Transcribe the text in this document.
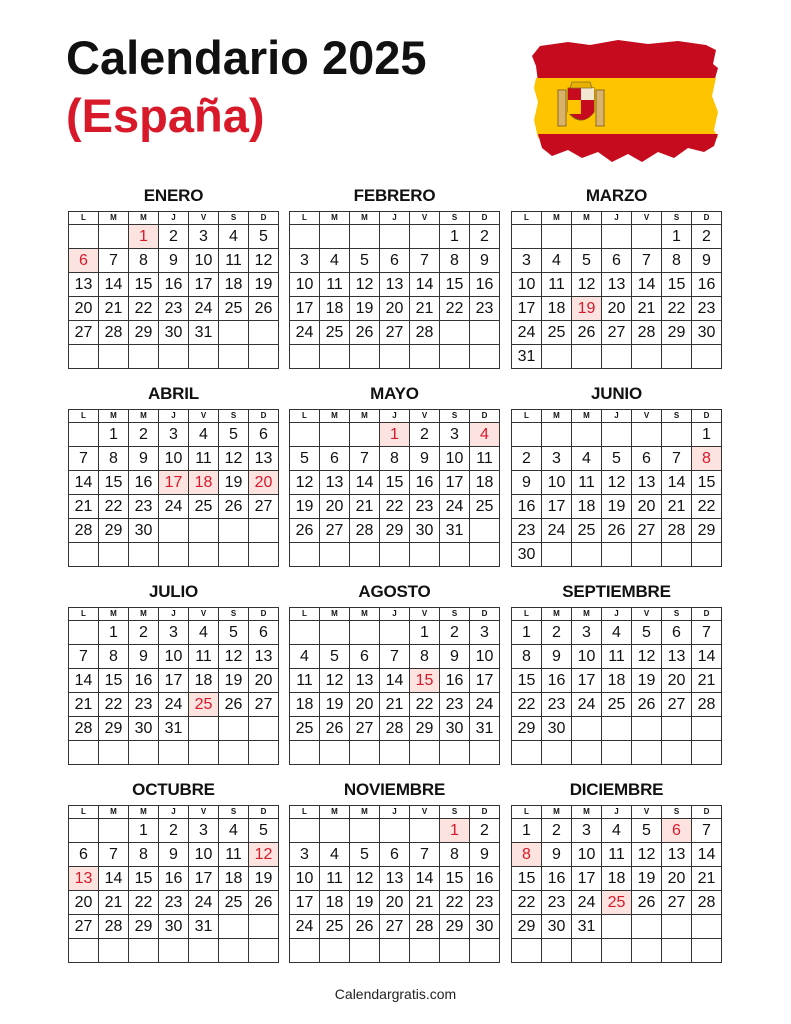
Calendario 2025
(España)
ENERO
L	M	M	J	V	S	D
		1	2	3	4	5
6	7	8	9	10	11	12
13	14	15	16	17	18	19
20	21	22	23	24	25	26
27	28	29	30	31		

FEBRERO
L	M	M	J	V	S	D
					1	2
3	4	5	6	7	8	9
10	11	12	13	14	15	16
17	18	19	20	21	22	23
24	25	26	27	28		

MARZO
L	M	M	J	V	S	D
					1	2
3	4	5	6	7	8	9
10	11	12	13	14	15	16
17	18	19	20	21	22	23
24	25	26	27	28	29	30
31						
ABRIL
L	M	M	J	V	S	D
	1	2	3	4	5	6
7	8	9	10	11	12	13
14	15	16	17	18	19	20
21	22	23	24	25	26	27
28	29	30				

MAYO
L	M	M	J	V	S	D
			1	2	3	4
5	6	7	8	9	10	11
12	13	14	15	16	17	18
19	20	21	22	23	24	25
26	27	28	29	30	31	

JUNIO
L	M	M	J	V	S	D
						1
2	3	4	5	6	7	8
9	10	11	12	13	14	15
16	17	18	19	20	21	22
23	24	25	26	27	28	29
30						
JULIO
L	M	M	J	V	S	D
	1	2	3	4	5	6
7	8	9	10	11	12	13
14	15	16	17	18	19	20
21	22	23	24	25	26	27
28	29	30	31			

AGOSTO
L	M	M	J	V	S	D
				1	2	3
4	5	6	7	8	9	10
11	12	13	14	15	16	17
18	19	20	21	22	23	24
25	26	27	28	29	30	31

SEPTIEMBRE
L	M	M	J	V	S	D
1	2	3	4	5	6	7
8	9	10	11	12	13	14
15	16	17	18	19	20	21
22	23	24	25	26	27	28
29	30					

OCTUBRE
L	M	M	J	V	S	D
		1	2	3	4	5
6	7	8	9	10	11	12
13	14	15	16	17	18	19
20	21	22	23	24	25	26
27	28	29	30	31		

NOVIEMBRE
L	M	M	J	V	S	D
					1	2
3	4	5	6	7	8	9
10	11	12	13	14	15	16
17	18	19	20	21	22	23
24	25	26	27	28	29	30

DICIEMBRE
L	M	M	J	V	S	D
1	2	3	4	5	6	7
8	9	10	11	12	13	14
15	16	17	18	19	20	21
22	23	24	25	26	27	28
29	30	31				

Calendargratis.com
